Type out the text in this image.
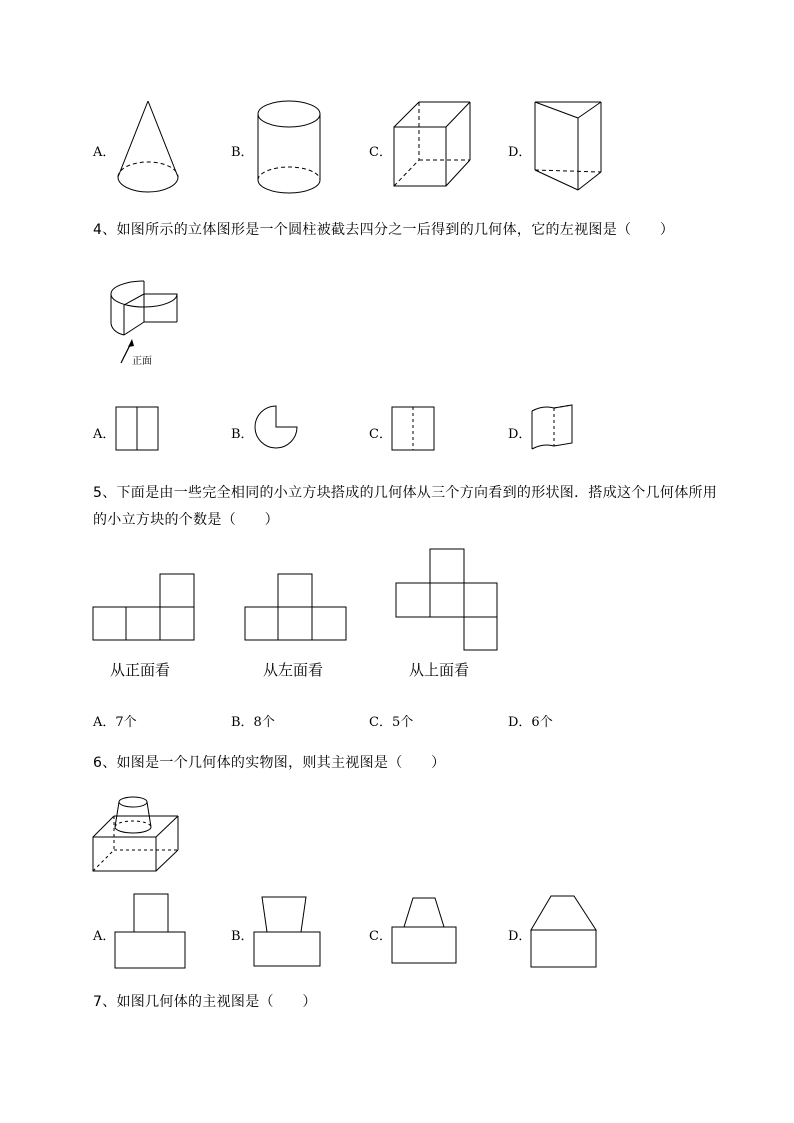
A．	B．	C．	D．
4、如图所示的立体图形是一个圆柱被截去四分之一后得到的几何体，它的左视图是（　　）
正面
A．	B．	C．	D．
5、下面是由一些完全相同的小立方块搭成的几何体从三个方向看到的形状图．搭成这个几何体所用
的小立方块的个数是（　　）
从正面看	从左面看	从上面看
A．7个	B．8个	C．5个	D．6个
6、如图是一个几何体的实物图，则其主视图是（　　）
A．	B．	C．	D．
7、如图几何体的主视图是（　　）
